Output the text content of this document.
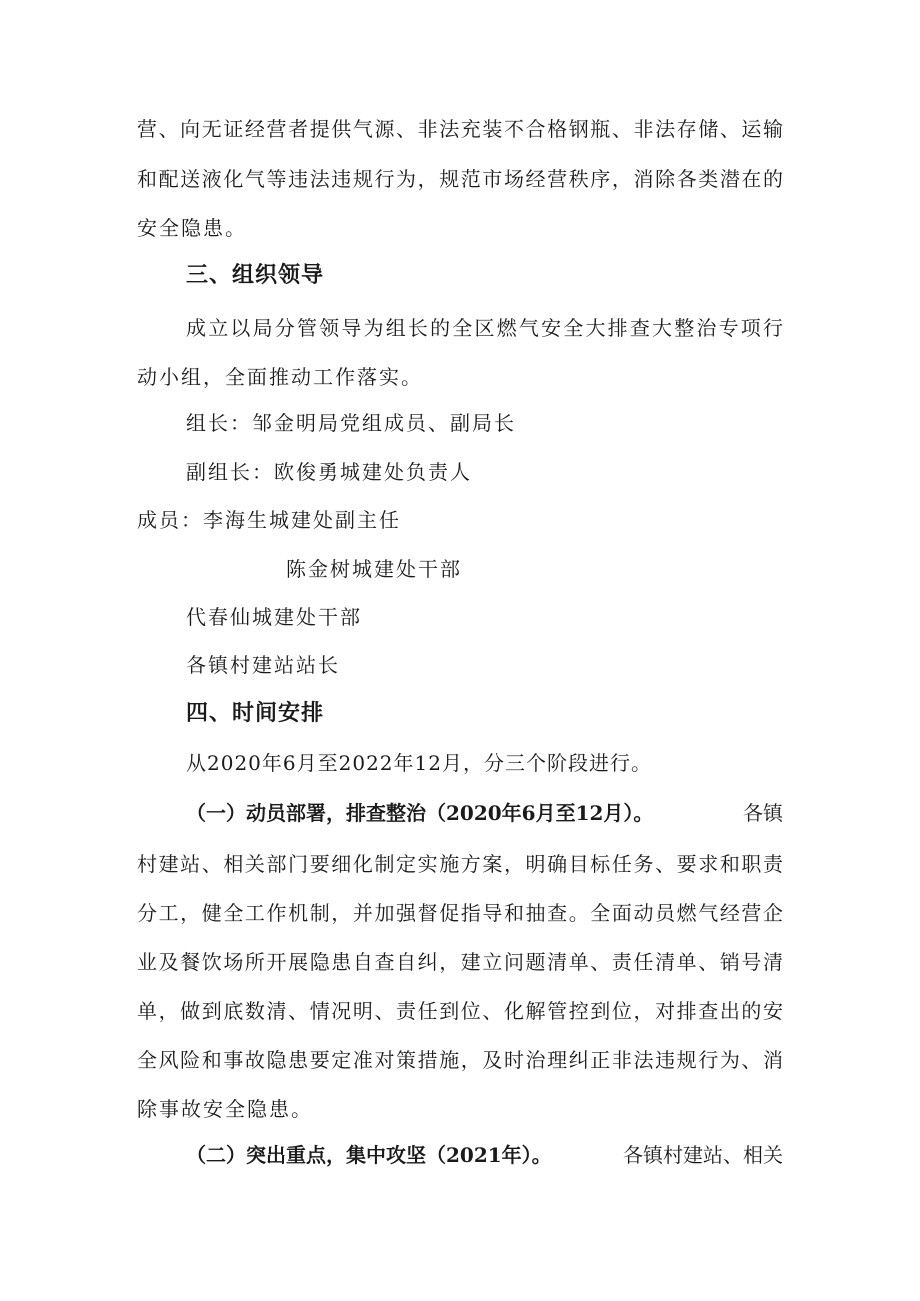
营、向无证经营者提供气源、非法充装不合格钢瓶、非法存储、运输
和配送液化气等违法违规行为，规范市场经营秩序，消除各类潜在的
安全隐患。
三、组织领导
成立以局分管领导为组长的全区燃气安全大排查大整治专项行
动小组，全面推动工作落实。
组长：邹金明局党组成员、副局长
副组长：欧俊勇城建处负责人
成员：李海生城建处副主任
陈金树城建处干部
代春仙城建处干部
各镇村建站站长
四、时间安排
从2020年6月至2022年12月，分三个阶段进行。
（一）动员部署，排查整治（2020年6月至12月）。	各镇
村建站、相关部门要细化制定实施方案，明确目标任务、要求和职责
分工，健全工作机制，并加强督促指导和抽查。全面动员燃气经营企
业及餐饮场所开展隐患自查自纠，建立问题清单、责任清单、销号清
单，做到底数清、情况明、责任到位、化解管控到位，对排查出的安
全风险和事故隐患要定准对策措施，及时治理纠正非法违规行为、消
除事故安全隐患。
（二）突出重点，集中攻坚（2021年）。	各镇村建站、相关
